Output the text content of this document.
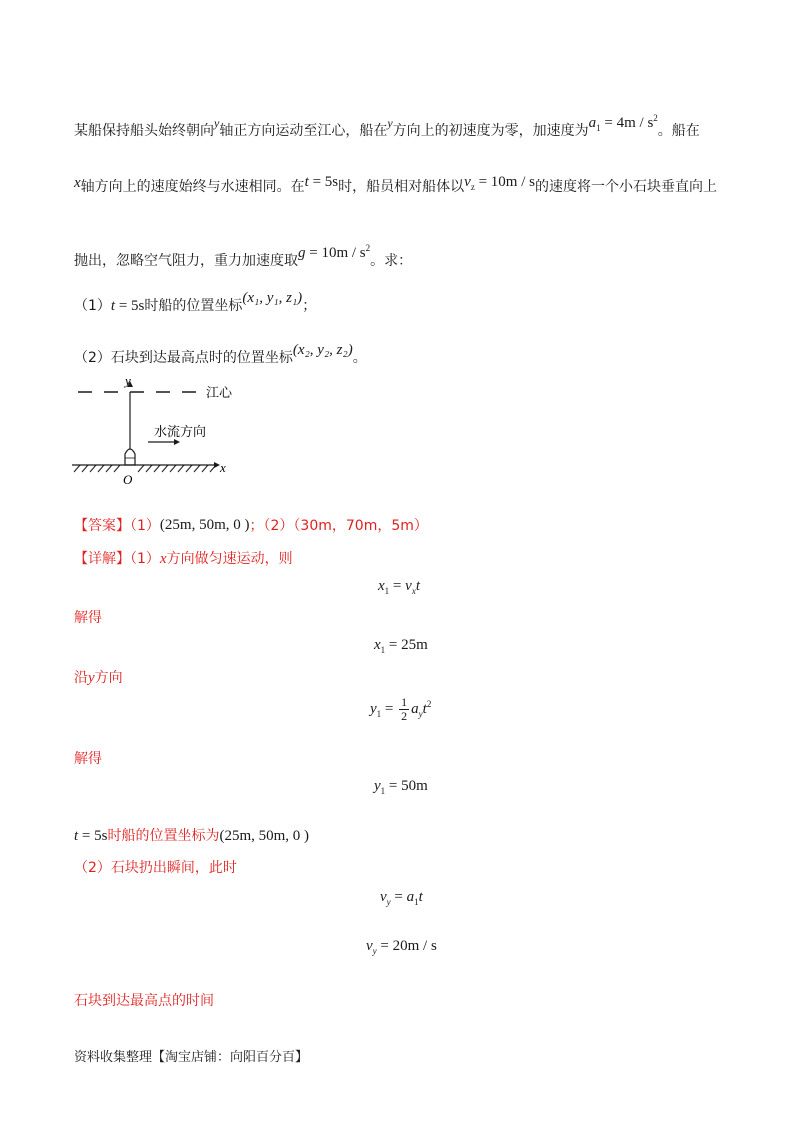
某船保持船头始终朝向$^y$轴正方向运动至江心，船在$^y$方向上的初速度为零，加速度为$a_1 = 4m / s^2$。船在
x轴方向上的速度始终与水速相同。在t = 5s时，船员相对船体以$v_z = 10m / s$的速度将一个小石块垂直向上
抛出，忽略空气阻力，重力加速度取$g = 10m / s^2$。求：
（1）t = 5s时船的位置坐标(x₁, y₁, z₁)；
（2）石块到达最高点时的位置坐标(x₂, y₂, z₂)。
y
江心
水流方向
x
O
【答案】（1）(25m, 50m, 0 )；（2）（30m，70m，5m）
【详解】（1）x方向做匀速运动，则
$x_1 = v_xt$
解得
$x_1 = 25m$
沿y方向
$y_1 = \frac{1}{2} a_yt^2$
解得
$y_1 = 50m$
t = 5s时船的位置坐标为(25m, 50m, 0 )
（2）石块扔出瞬间，此时
$v_y = a_1t$
$v_y = 20m / s$
石块到达最高点的时间
资料收集整理【淘宝店铺：向阳百分百】
